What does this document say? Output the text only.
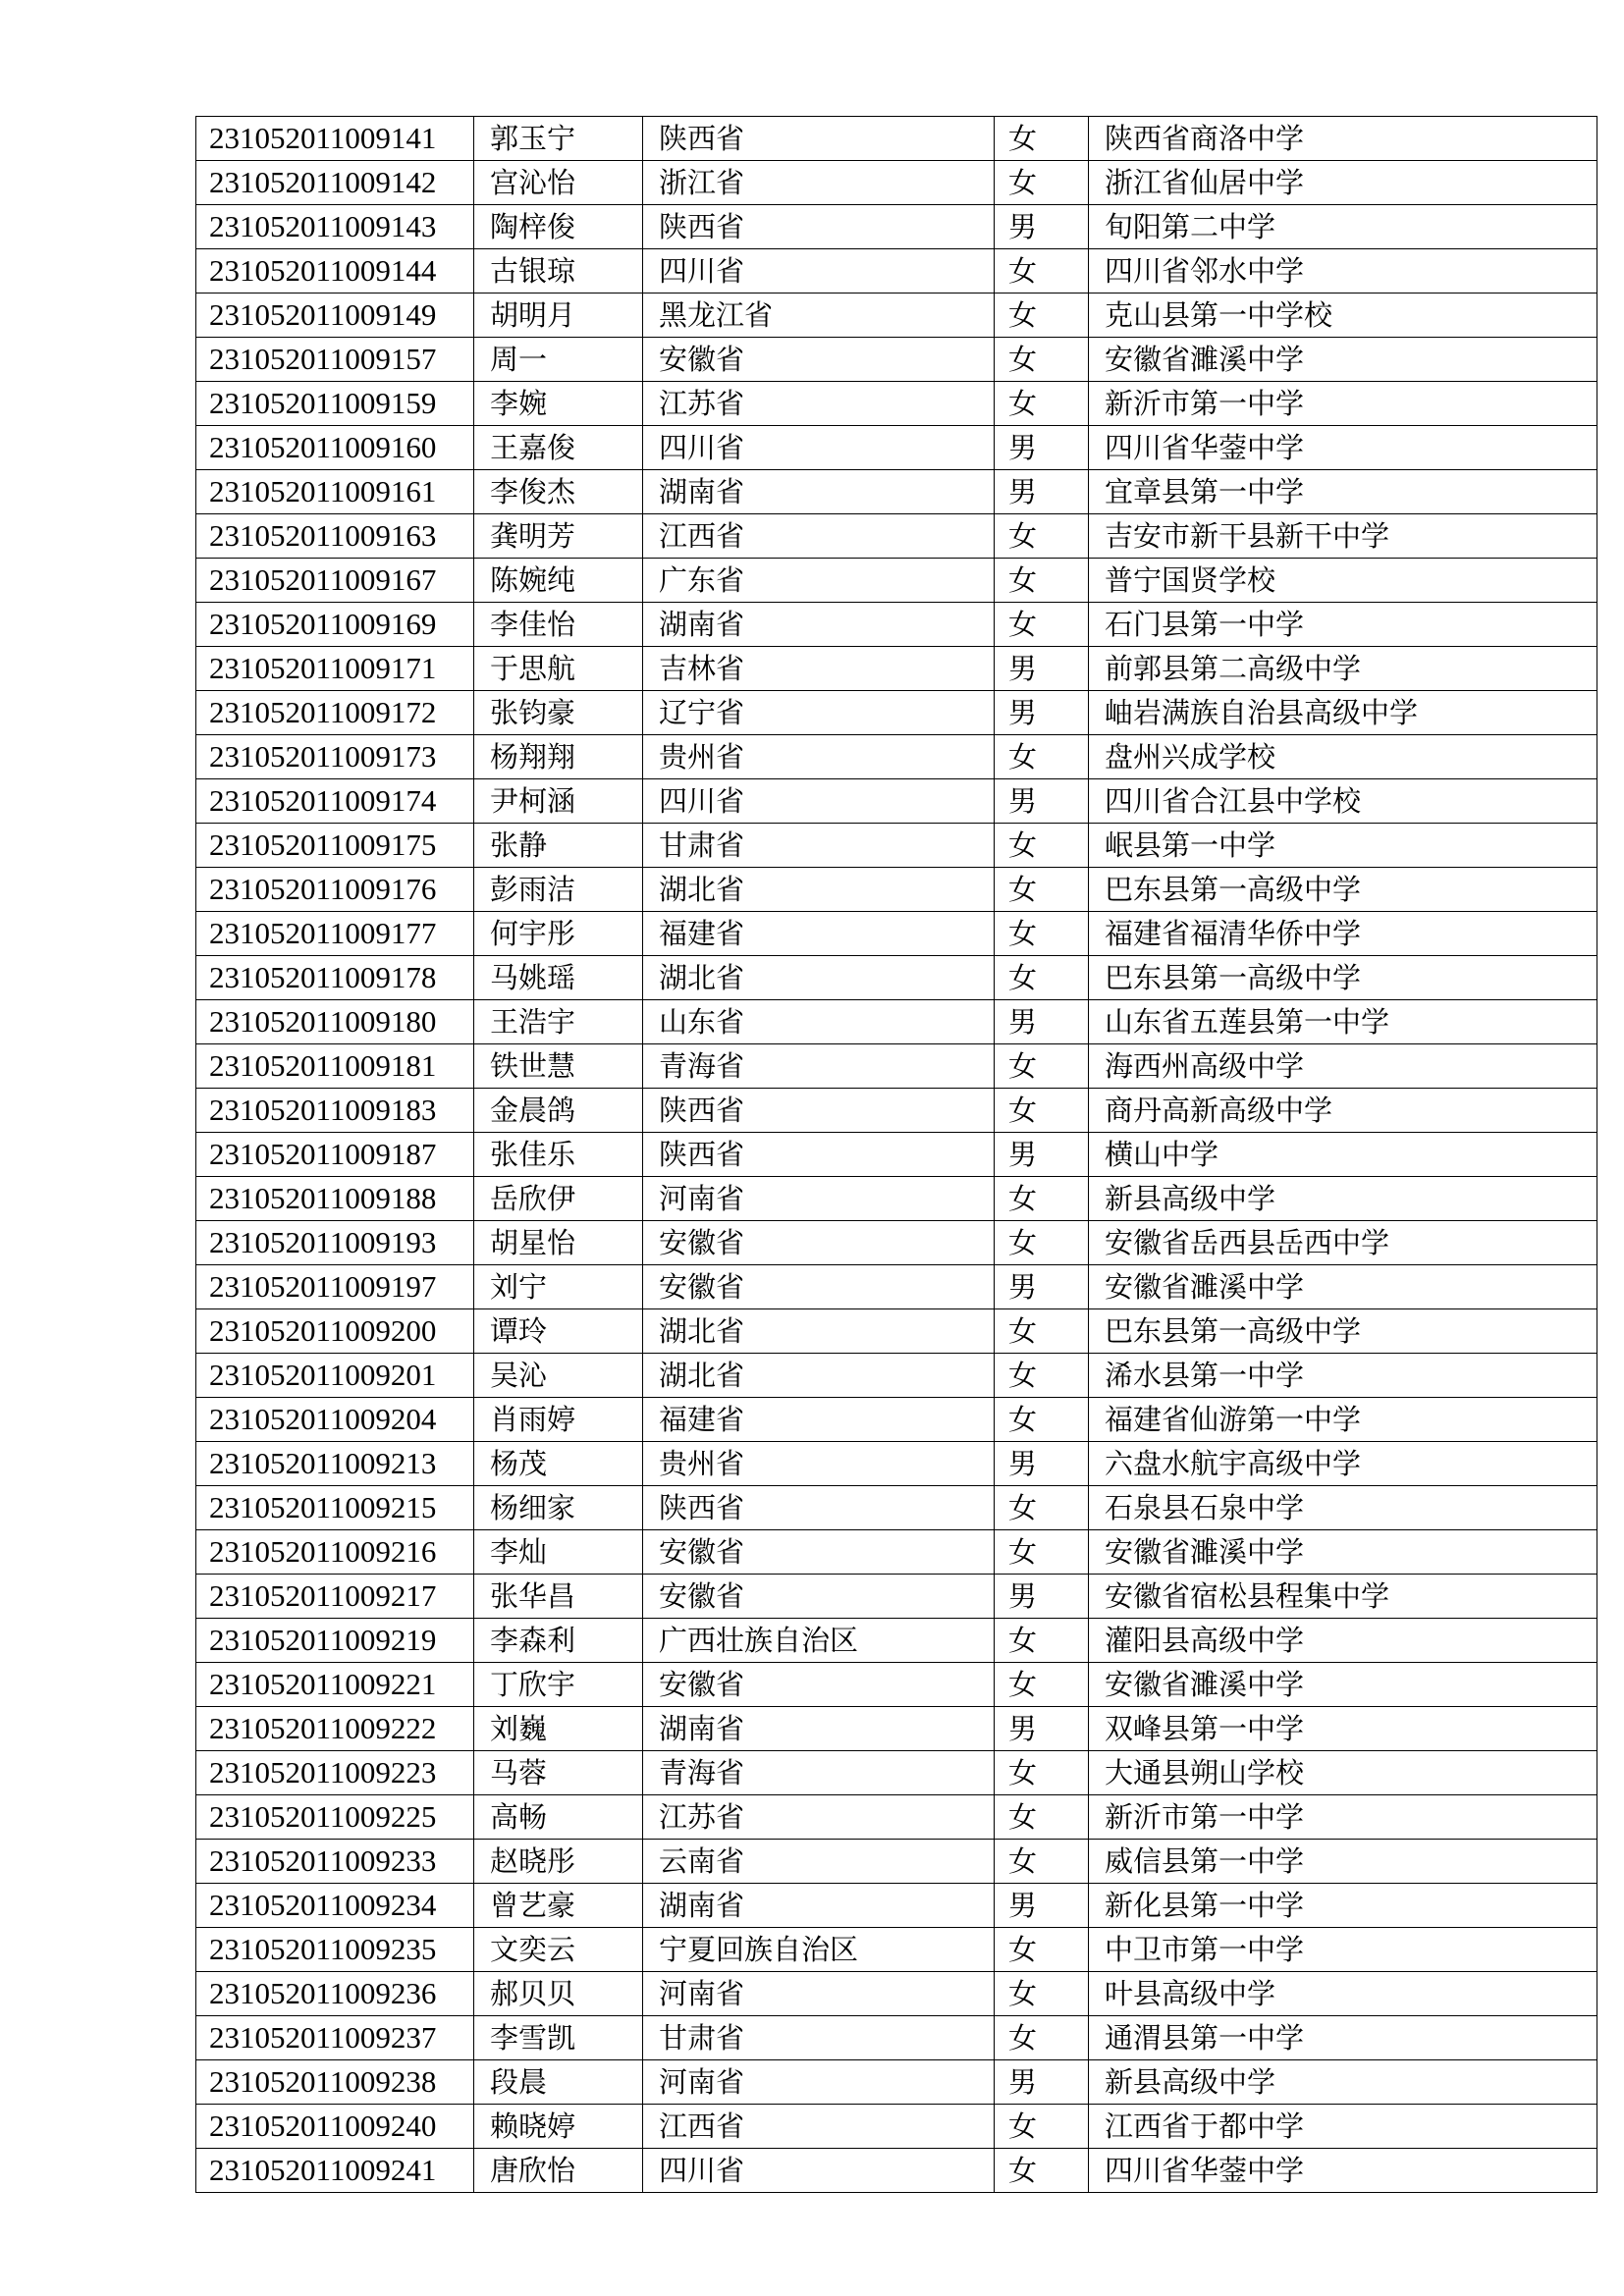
231052011009141	郭玉宁	陕西省	女	陕西省商洛中学
231052011009142	宫沁怡	浙江省	女	浙江省仙居中学
231052011009143	陶梓俊	陕西省	男	旬阳第二中学
231052011009144	古银琼	四川省	女	四川省邻水中学
231052011009149	胡明月	黑龙江省	女	克山县第一中学校
231052011009157	周一	安徽省	女	安徽省濉溪中学
231052011009159	李婉	江苏省	女	新沂市第一中学
231052011009160	王嘉俊	四川省	男	四川省华蓥中学
231052011009161	李俊杰	湖南省	男	宜章县第一中学
231052011009163	龚明芳	江西省	女	吉安市新干县新干中学
231052011009167	陈婉纯	广东省	女	普宁国贤学校
231052011009169	李佳怡	湖南省	女	石门县第一中学
231052011009171	于思航	吉林省	男	前郭县第二高级中学
231052011009172	张钧豪	辽宁省	男	岫岩满族自治县高级中学
231052011009173	杨翔翔	贵州省	女	盘州兴成学校
231052011009174	尹柯涵	四川省	男	四川省合江县中学校
231052011009175	张静	甘肃省	女	岷县第一中学
231052011009176	彭雨洁	湖北省	女	巴东县第一高级中学
231052011009177	何宇彤	福建省	女	福建省福清华侨中学
231052011009178	马姚瑶	湖北省	女	巴东县第一高级中学
231052011009180	王浩宇	山东省	男	山东省五莲县第一中学
231052011009181	铁世慧	青海省	女	海西州高级中学
231052011009183	金晨鸽	陕西省	女	商丹高新高级中学
231052011009187	张佳乐	陕西省	男	横山中学
231052011009188	岳欣伊	河南省	女	新县高级中学
231052011009193	胡星怡	安徽省	女	安徽省岳西县岳西中学
231052011009197	刘宁	安徽省	男	安徽省濉溪中学
231052011009200	谭玲	湖北省	女	巴东县第一高级中学
231052011009201	吴沁	湖北省	女	浠水县第一中学
231052011009204	肖雨婷	福建省	女	福建省仙游第一中学
231052011009213	杨茂	贵州省	男	六盘水航宇高级中学
231052011009215	杨细家	陕西省	女	石泉县石泉中学
231052011009216	李灿	安徽省	女	安徽省濉溪中学
231052011009217	张华昌	安徽省	男	安徽省宿松县程集中学
231052011009219	李森利	广西壮族自治区	女	灌阳县高级中学
231052011009221	丁欣宇	安徽省	女	安徽省濉溪中学
231052011009222	刘巍	湖南省	男	双峰县第一中学
231052011009223	马蓉	青海省	女	大通县朔山学校
231052011009225	高畅	江苏省	女	新沂市第一中学
231052011009233	赵晓彤	云南省	女	威信县第一中学
231052011009234	曾艺豪	湖南省	男	新化县第一中学
231052011009235	文奕云	宁夏回族自治区	女	中卫市第一中学
231052011009236	郝贝贝	河南省	女	叶县高级中学
231052011009237	李雪凯	甘肃省	女	通渭县第一中学
231052011009238	段晨	河南省	男	新县高级中学
231052011009240	赖晓婷	江西省	女	江西省于都中学
231052011009241	唐欣怡	四川省	女	四川省华蓥中学
